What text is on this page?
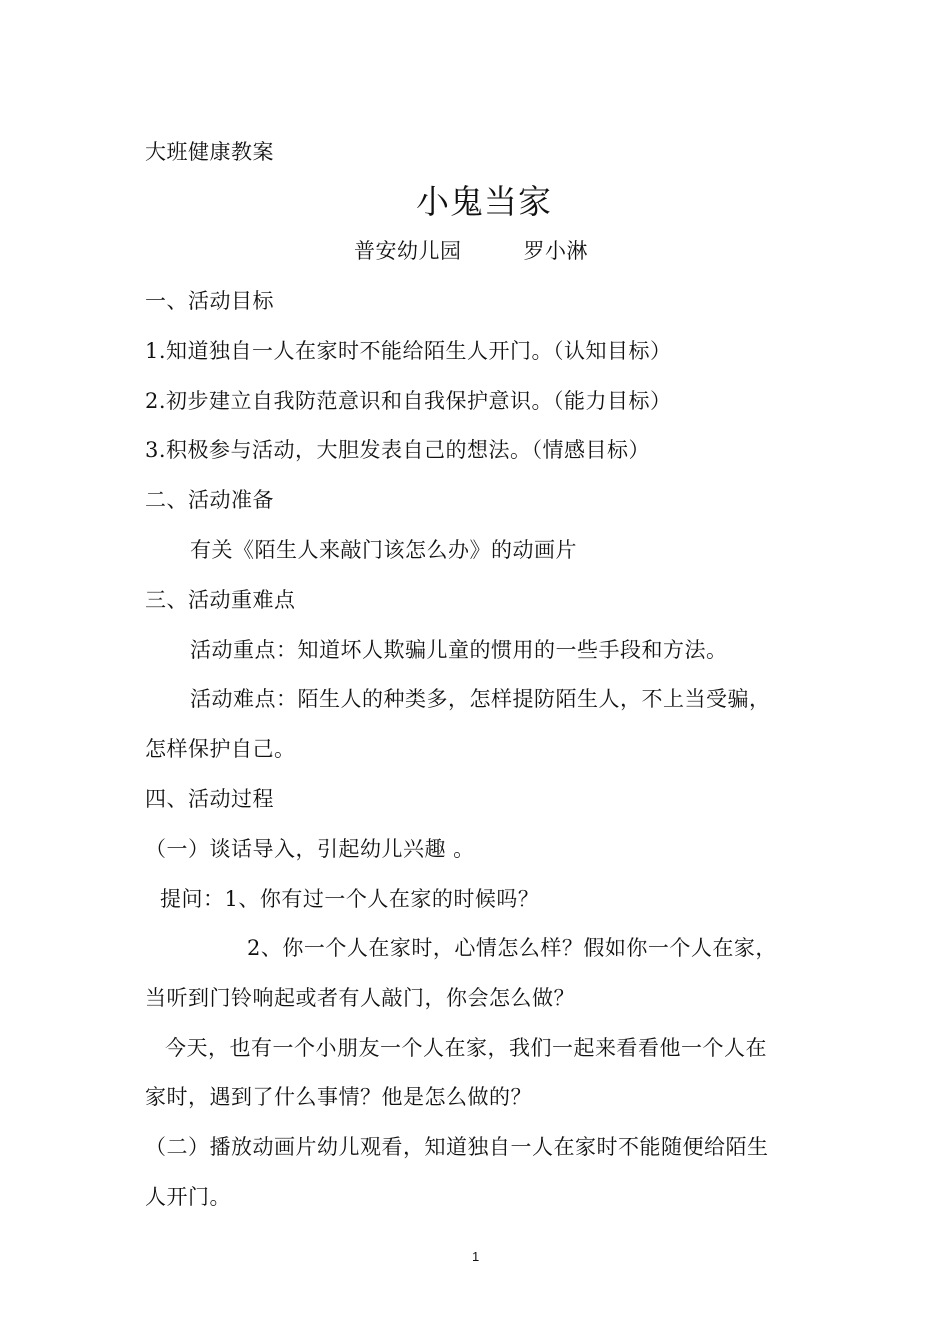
大班健康教案
小鬼当家
普安幼儿园	罗小淋
一、活动目标
1.知道独自一人在家时不能给陌生人开门。（认知目标）
2.初步建立自我防范意识和自我保护意识。（能力目标）
3.积极参与活动，大胆发表自己的想法。（情感目标）
二、活动准备
有关《陌生人来敲门该怎么办》的动画片
三、活动重难点
活动重点：知道坏人欺骗儿童的惯用的一些手段和方法。
活动难点：陌生人的种类多，怎样提防陌生人，不上当受骗，
怎样保护自己。
四、活动过程
（一）谈话导入，引起幼儿兴趣 。
提问：1、你有过一个人在家的时候吗？
2、你一个人在家时，心情怎么样？假如你一个人在家，
当听到门铃响起或者有人敲门，你会怎么做？
今天，也有一个小朋友一个人在家，我们一起来看看他一个人在
家时，遇到了什么事情？他是怎么做的？
（二）播放动画片幼儿观看，知道独自一人在家时不能随便给陌生
人开门。
1
